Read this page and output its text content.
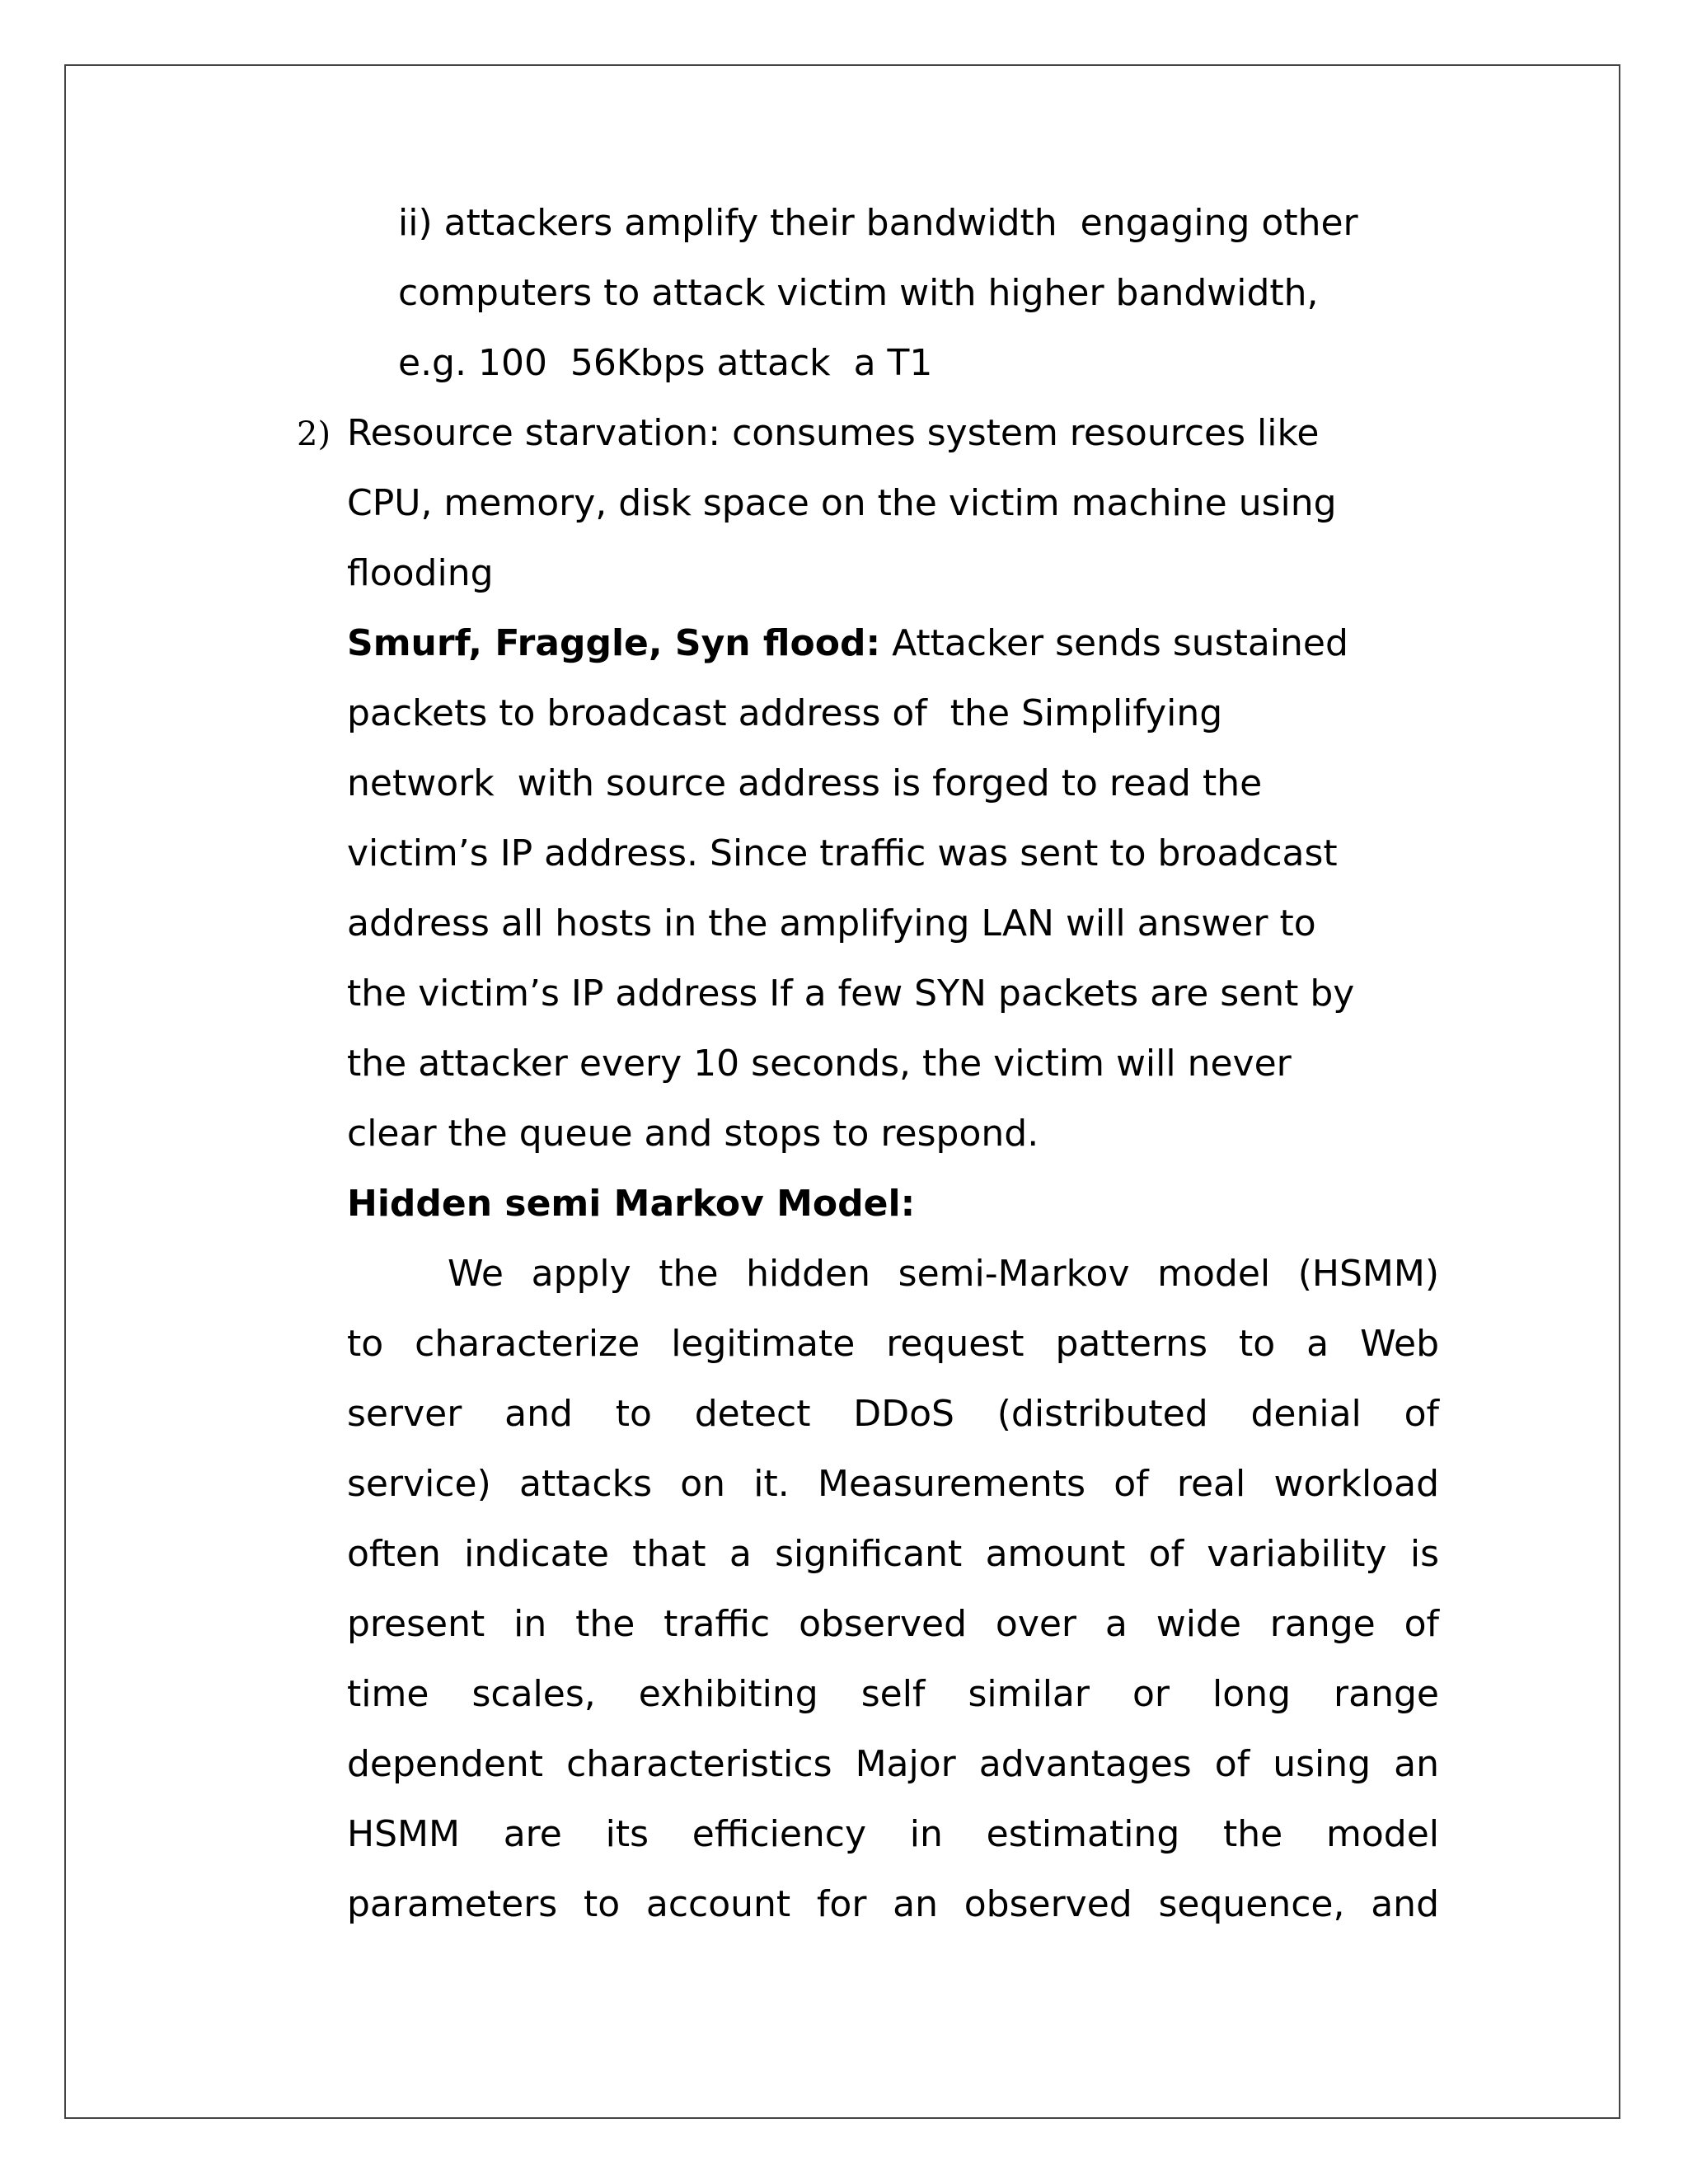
ii) attackers amplify their bandwidth  engaging other
computers to attack victim with higher bandwidth,
e.g. 100  56Kbps attack  a T1
2) Resource starvation: consumes system resources like
CPU, memory, disk space on the victim machine using
flooding
Smurf, Fraggle, Syn flood: Attacker sends sustained
packets to broadcast address of  the Simplifying
network  with source address is forged to read the
victim’s IP address. Since traffic was sent to broadcast
address all hosts in the amplifying LAN will answer to
the victim’s IP address If a few SYN packets are sent by
the attacker every 10 seconds, the victim will never
clear the queue and stops to respond.
Hidden semi Markov Model:
We apply the hidden semi-Markov model (HSMM)
to characterize legitimate request patterns to a Web
server and to detect DDoS (distributed denial of
service) attacks on it. Measurements of real workload
often indicate that a significant amount of variability is
present in the traffic observed over a wide range of
time scales, exhibiting self similar or long range
dependent characteristics Major advantages of using an
HSMM are its efficiency in estimating the model
parameters to account for an observed sequence, and
